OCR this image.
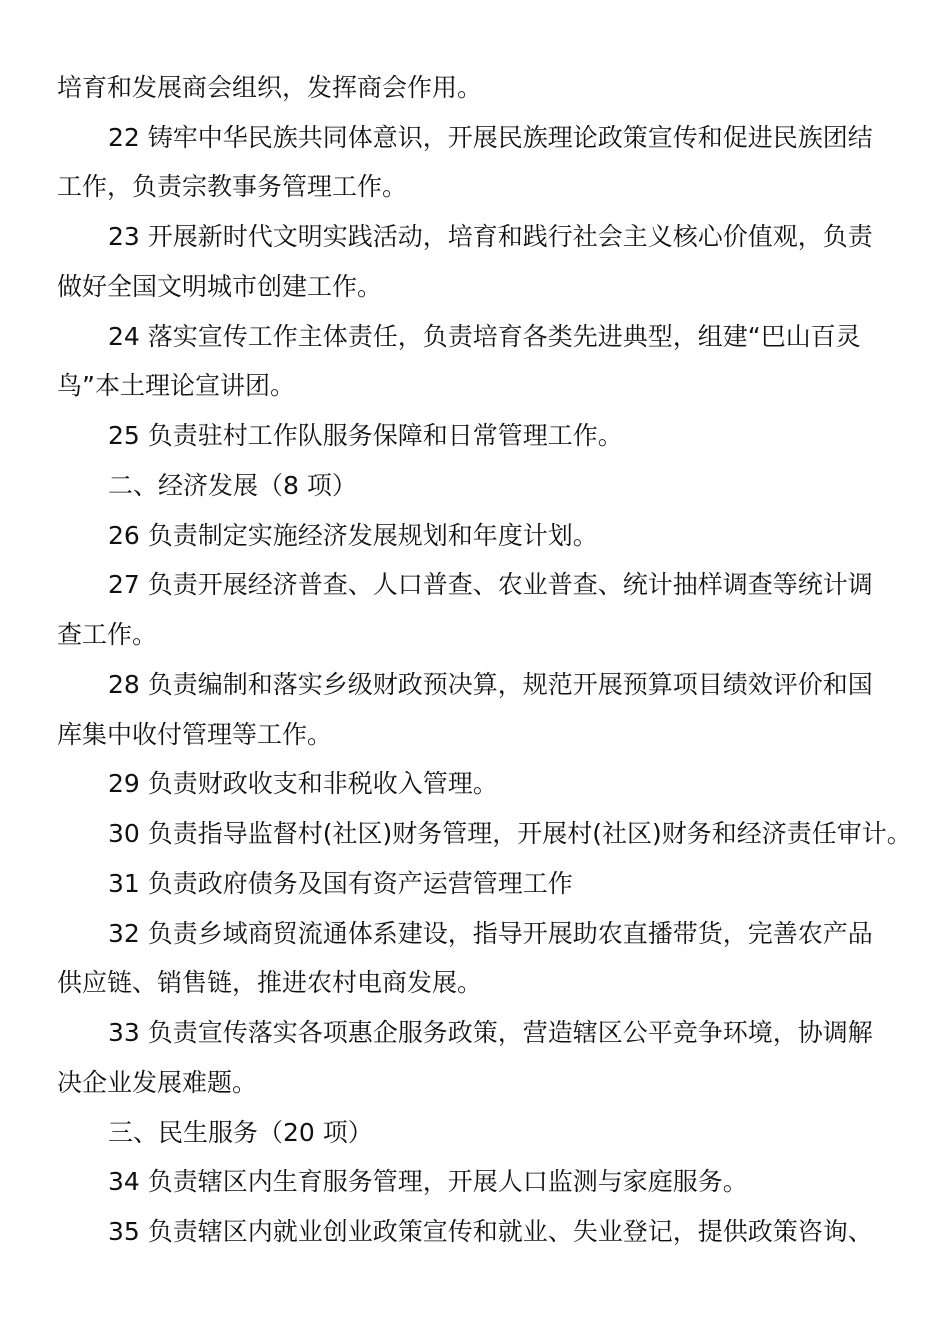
培育和发展商会组织，发挥商会作用。
22 铸牢中华民族共同体意识，开展民族理论政策宣传和促进民族团结
工作，负责宗教事务管理工作。
23 开展新时代文明实践活动，培育和践行社会主义核心价值观，负责
做好全国文明城市创建工作。
24 落实宣传工作主体责任，负责培育各类先进典型，组建“巴山百灵
鸟”本土理论宣讲团。
25 负责驻村工作队服务保障和日常管理工作。
二、经济发展（8 项）
26 负责制定实施经济发展规划和年度计划。
27 负责开展经济普查、人口普查、农业普查、统计抽样调查等统计调
查工作。
28 负责编制和落实乡级财政预决算，规范开展预算项目绩效评价和国
库集中收付管理等工作。
29 负责财政收支和非税收入管理。
30 负责指导监督村(社区)财务管理，开展村(社区)财务和经济责任审计。
31 负责政府债务及国有资产运营管理工作
32 负责乡域商贸流通体系建设，指导开展助农直播带货，完善农产品
供应链、销售链，推进农村电商发展。
33 负责宣传落实各项惠企服务政策，营造辖区公平竞争环境，协调解
决企业发展难题。
三、民生服务（20 项）
34 负责辖区内生育服务管理，开展人口监测与家庭服务。
35 负责辖区内就业创业政策宣传和就业、失业登记，提供政策咨询、
